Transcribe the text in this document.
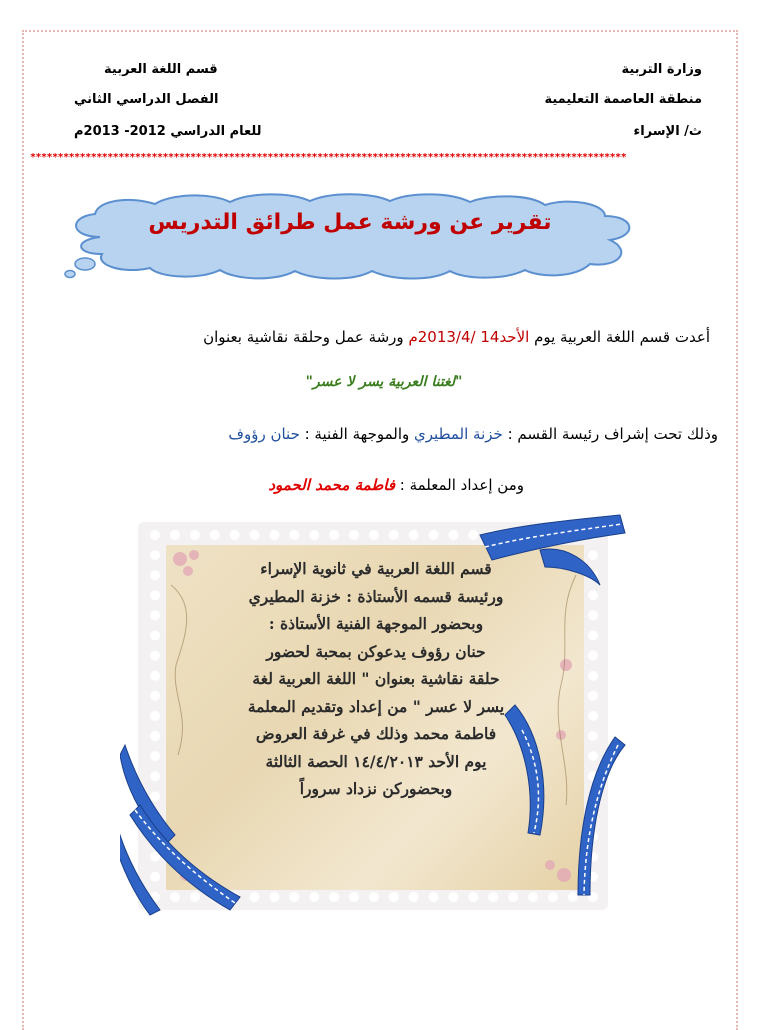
وزارة التربية
منطقة العاصمة التعليمية
ث/ الإسراء
قسم اللغة العربية
الفصل الدراسي الثاني
للعام الدراسي 2012- 2013م
************************************************************************************************************
تقرير عن ورشة عمل طرائق التدريس
أعدت قسم اللغة العربية يوم الأحد14 /2013/4م ورشة عمل وحلقة نقاشية بعنوان
"لغتنا العربية يسر لا عسر"
وذلك تحت إشراف رئيسة القسم : خزنة المطيري والموجهة الفنية : حنان رؤوف
ومن إعداد المعلمة : فاطمة محمد الحمود
قسم اللغة العربية في ثانوية الإسراء
ورئيسة قسمه الأستاذة : خزنة المطيري
وبحضور الموجهة الفنية الأستاذة :
حنان رؤوف يدعوكن بمحبة لحضور
حلقة نقاشية بعنوان " اللغة العربية لغة
يسر لا عسر " من إعداد وتقديم المعلمة
فاطمة محمد وذلك في غرفة العروض
يوم الأحد ١٤/٤/٢٠١٣ الحصة الثالثة
وبحضوركن نزداد سروراً
